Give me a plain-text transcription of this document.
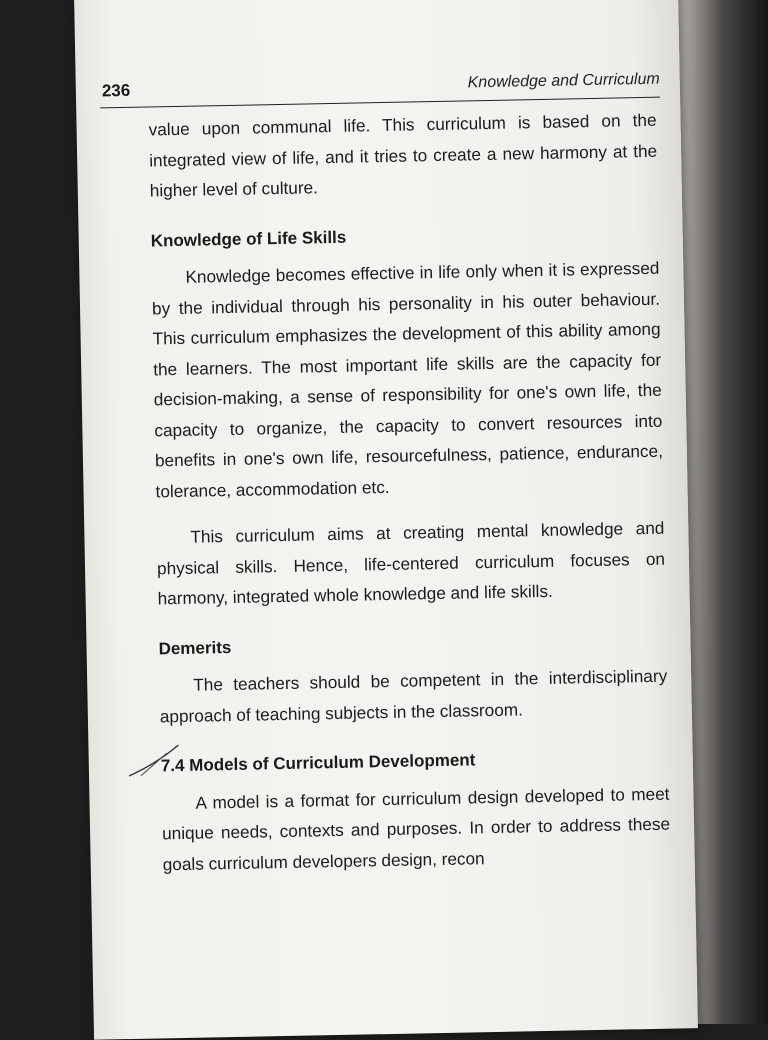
236	Knowledge and Curriculum

value upon communal life. This curriculum is based on the integrated view of life, and it tries to create a new harmony at the higher level of culture.

Knowledge of Life Skills

Knowledge becomes effective in life only when it is expressed by the individual through his personality in his outer behaviour. This curriculum emphasizes the development of this ability among the learners. The most important life skills are the capacity for decision-making, a sense of responsibility for one's own life, the capacity to organize, the capacity to convert resources into benefits in one's own life, resourcefulness, patience, endurance, tolerance, accommodation etc.

This curriculum aims at creating mental knowledge and physical skills. Hence, life-centered curriculum focuses on harmony, integrated whole knowledge and life skills.

Demerits

The teachers should be competent in the interdisciplinary approach of teaching subjects in the classroom.

7.4 Models of Curriculum Development

A model is a format for curriculum design developed to meet unique needs, contexts and purposes. In order to address these goals curriculum developers design, recon
